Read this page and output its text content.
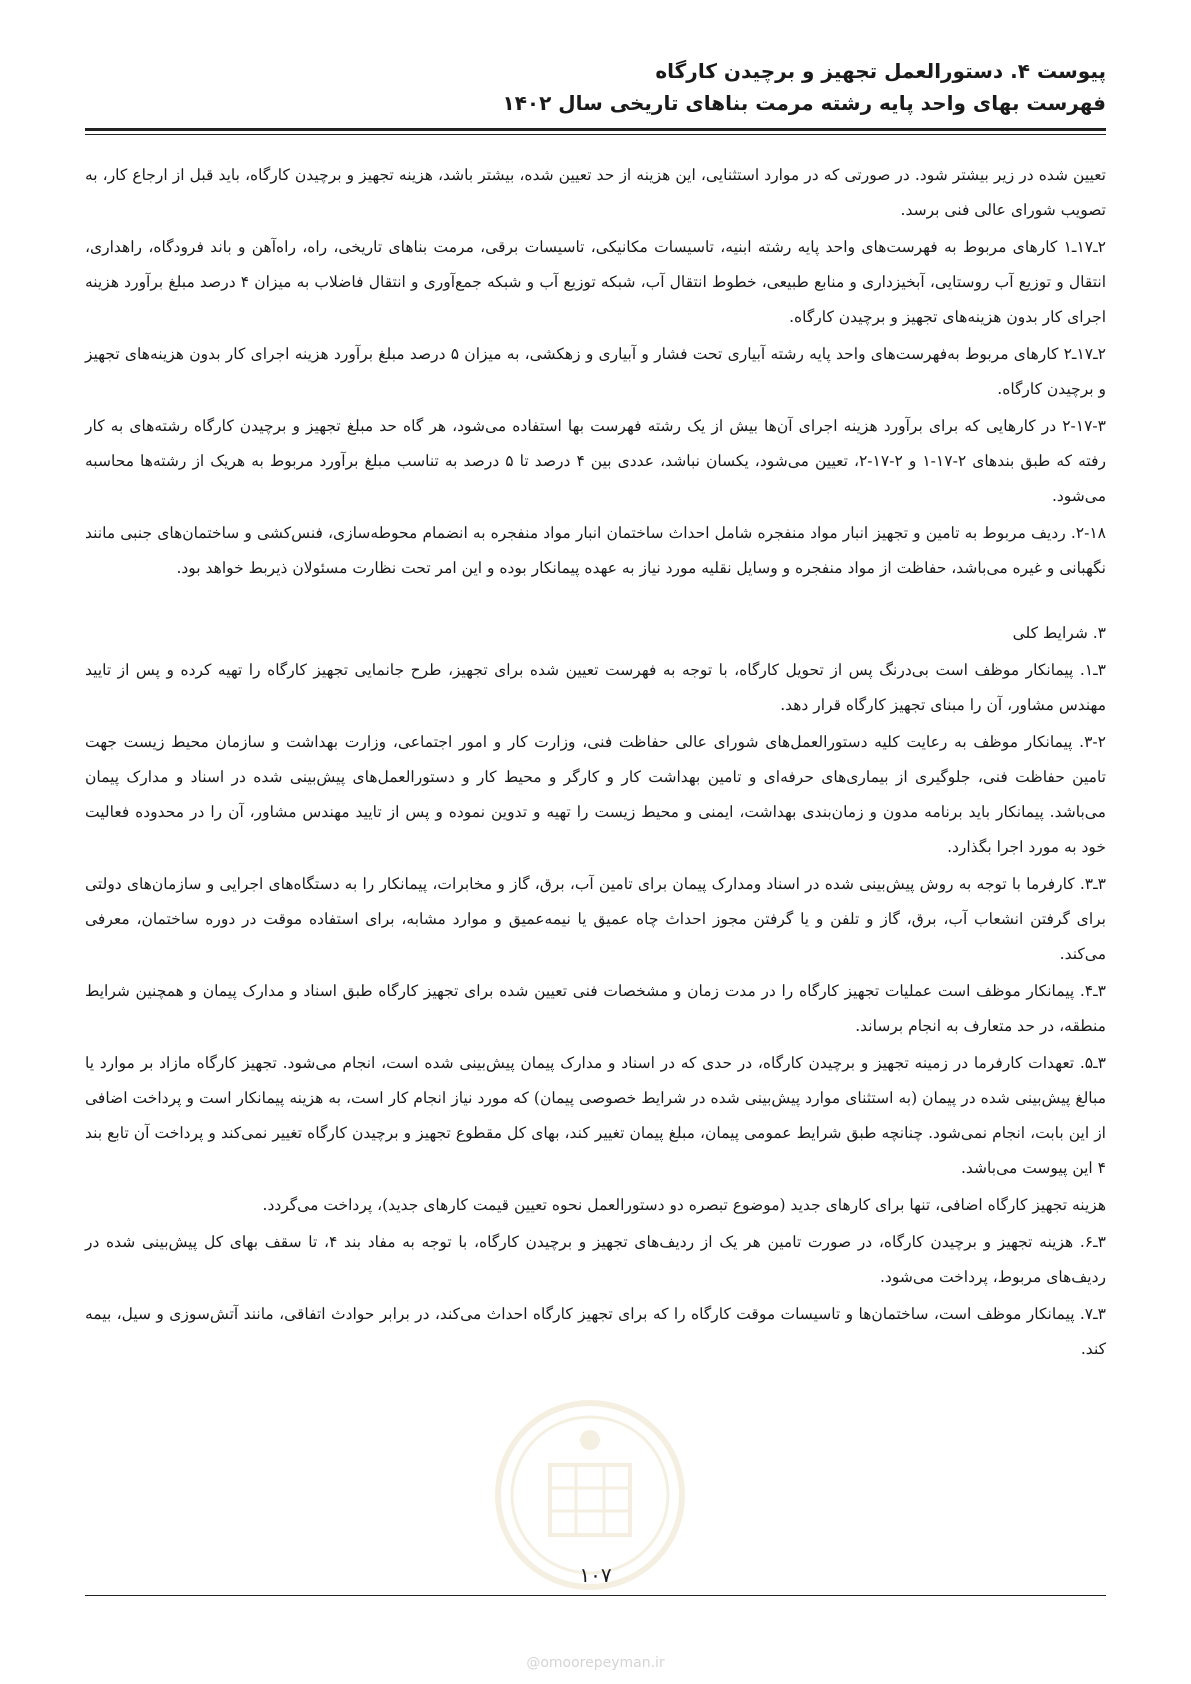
پیوست ۴. دستورالعمل تجهیز و برچیدن کارگاه
فهرست بهای واحد پایه رشته مرمت بناهای تاریخی سال ۱۴۰۲

تعیین شده در زیر بیشتر شود. در صورتی که در موارد استثنایی، این هزینه از حد تعیین شده، بیشتر باشد، هزینه تجهیز و برچیدن کارگاه، باید قبل از ارجاع کار، به تصویب شورای عالی فنی برسد.

۲ـ۱۷ـ۱ کارهای مربوط به فهرست‌های واحد پایه رشته ابنیه، تاسیسات مکانیکی، تاسیسات برقی، مرمت بناهای تاریخی، راه، راه‌آهن و باند فرودگاه، راهداری، انتقال و توزیع آب روستایی، آبخیزداری و منابع طبیعی، خطوط انتقال آب، شبکه توزیع آب و شبکه جمع‌آوری و انتقال فاضلاب به میزان ۴ درصد مبلغ برآورد هزینه اجرای کار بدون هزینه‌های تجهیز و برچیدن کارگاه.

۲ـ۱۷ـ۲ کارهای مربوط به‌فهرست‌های واحد پایه رشته آبیاری تحت فشار و آبیاری و زهکشی، به میزان ۵ درصد مبلغ برآورد هزینه اجرای کار بدون هزینه‌های تجهیز و برچیدن کارگاه.

۲-۱۷-۳ در کارهایی که برای برآورد هزینه اجرای آن‌ها بیش از یک رشته فهرست بها استفاده می‌شود، هر گاه حد مبلغ تجهیز و برچیدن کارگاه رشته‌های به کار رفته که طبق بندهای ۲-۱۷-۱ و ۲-۱۷-۲، تعیین می‌شود، یکسان نباشد، عددی بین ۴ درصد تا ۵ درصد به تناسب مبلغ برآورد مربوط به هریک از رشته‌ها محاسبه می‌شود.

۲-۱۸. ردیف مربوط به تامین و تجهیز انبار مواد منفجره شامل احداث ساختمان انبار مواد منفجره به انضمام محوطه‌سازی، فنس‌کشی و ساختمان‌های جنبی مانند نگهبانی و غیره می‌باشد، حفاظت از مواد منفجره و وسایل نقلیه مورد نیاز به عهده پیمانکار بوده و این امر تحت نظارت مسئولان ذیربط خواهد بود.

۳. شرایط کلی

۳ـ۱. پیمانکار موظف است بی‌درنگ پس از تحویل کارگاه، با توجه به فهرست تعیین شده برای تجهیز، طرح جانمایی تجهیز کارگاه را تهیه کرده و پس از تایید مهندس مشاور، آن را مبنای تجهیز کارگاه قرار دهد.

۳-۲. پیمانکار موظف به رعایت کلیه دستورالعمل‌های شورای عالی حفاظت فنی، وزارت کار و امور اجتماعی، وزارت بهداشت و سازمان محیط زیست جهت تامین حفاظت فنی، جلوگیری از بیماری‌های حرفه‌ای و تامین بهداشت کار و کارگر و محیط کار و دستورالعمل‌های پیش‌بینی شده در اسناد و مدارک پیمان می‌باشد. پیمانکار باید برنامه مدون و زمان‌بندی بهداشت، ایمنی و محیط زیست را تهیه و تدوین نموده و پس از تایید مهندس مشاور، آن را در محدوده فعالیت خود به مورد اجرا بگذارد.

۳ـ۳. کارفرما با توجه به روش پیش‌بینی شده در اسناد ومدارک پیمان برای تامین آب، برق، گاز و مخابرات، پیمانکار را به دستگاه‌های اجرایی و سازمان‌های دولتی برای گرفتن انشعاب آب، برق، گاز و تلفن و یا گرفتن مجوز احداث چاه عمیق یا نیمه‌عمیق و موارد مشابه، برای استفاده موقت در دوره ساختمان، معرفی می‌کند.

۳ـ۴. پیمانکار موظف است عملیات تجهیز کارگاه را در مدت زمان و مشخصات فنی تعیین شده برای تجهیز کارگاه طبق اسناد و مدارک پیمان و همچنین شرایط منطقه، در حد متعارف به انجام برساند.

۳ـ۵. تعهدات کارفرما در زمینه تجهیز و برچیدن کارگاه، در حدی که در اسناد و مدارک پیمان پیش‌بینی شده است، انجام می‌شود. تجهیز کارگاه مازاد بر موارد یا مبالغ پیش‌بینی شده در پیمان (به استثنای موارد پیش‌بینی شده در شرایط خصوصی پیمان) که مورد نیاز انجام کار است، به هزینه پیمانکار است و پرداخت اضافی از این بابت، انجام نمی‌شود. چنانچه طبق شرایط عمومی پیمان، مبلغ پیمان تغییر کند، بهای کل مقطوع تجهیز و برچیدن کارگاه تغییر نمی‌کند و پرداخت آن تابع بند ۴ این پیوست می‌باشد.

هزینه تجهیز کارگاه اضافی، تنها برای کارهای جدید (موضوع تبصره دو دستورالعمل نحوه تعیین قیمت کارهای جدید)، پرداخت می‌گردد.

۳ـ۶. هزینه تجهیز و برچیدن کارگاه، در صورت تامین هر یک از ردیف‌های تجهیز و برچیدن کارگاه، با توجه به مفاد بند ۴، تا سقف بهای کل پیش‌بینی شده در ردیف‌های مربوط، پرداخت می‌شود.

۳ـ۷. پیمانکار موظف است، ساختمان‌ها و تاسیسات موقت کارگاه را که برای تجهیز کارگاه احداث می‌کند، در برابر حوادث اتفاقی، مانند آتش‌سوزی و سیل، بیمه کند.

۱۰۷
@omoorepeyman.ir
